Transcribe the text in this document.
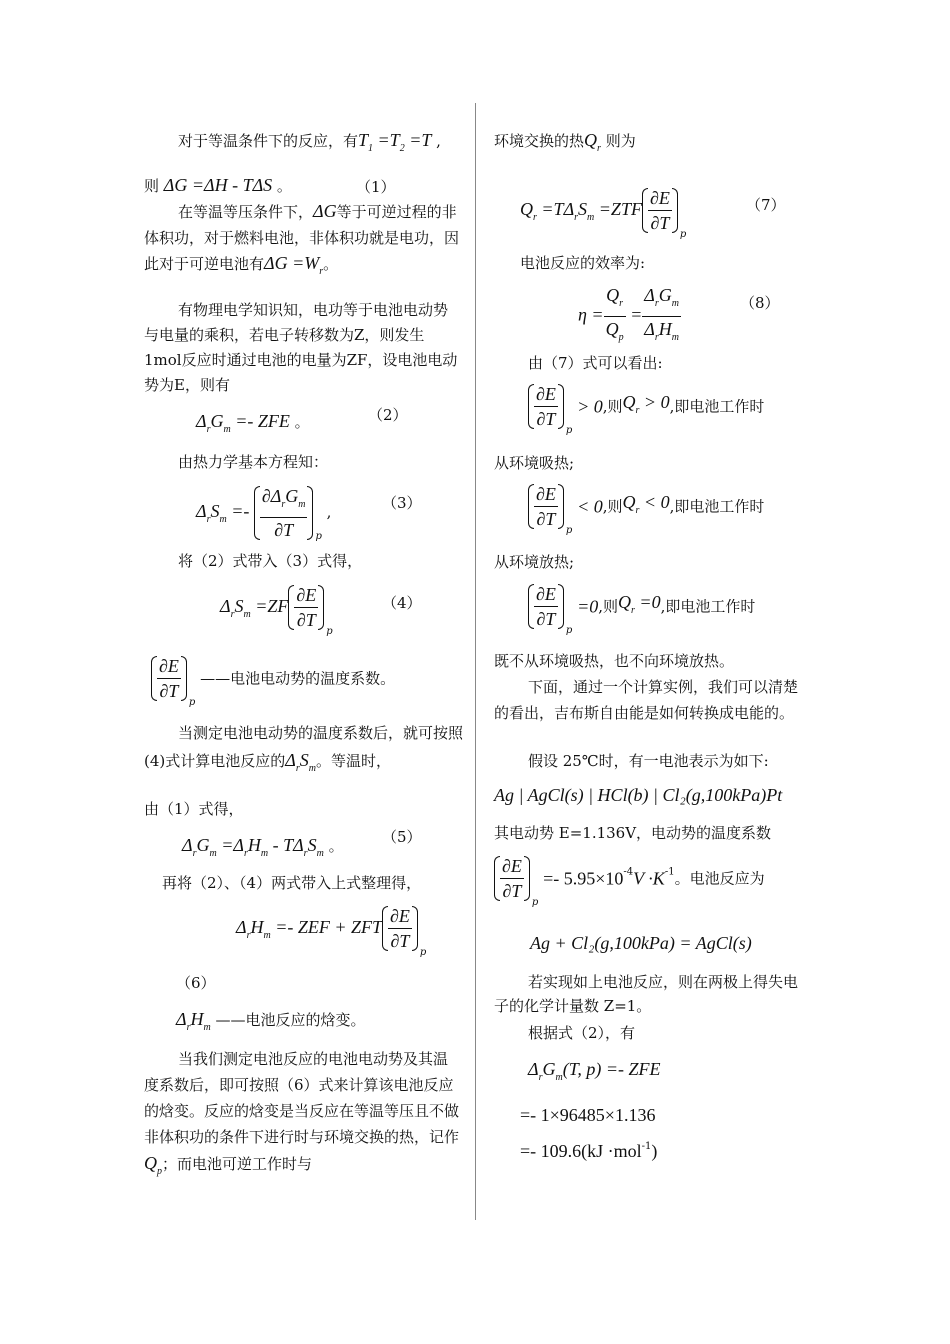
对于等温条件下的反应，有$T_1 =T_2 =T$ ,
则 ΔG =ΔH - TΔS 。	（1）
在等温等压条件下，ΔG等于可逆过程的非体积功，对于燃料电池，非体积功就是电功，因此对于可逆电池有$\Delta G =W_r$。
有物理电学知识知，电功等于电池电动势与电量的乘积，若电子转移数为Z，则发生1mol反应时通过电池的电量为ZF，设电池电动势为E，则有
$\Delta_rG_m$ =- ZFE 。	（2）
由热力学基本方程知：
$\Delta_rS_m =- \frac{\partial\Delta_rG_m}{\partial T} _p$ ,	（3）
将（2）式带入（3）式得，
$\Delta_rS_m =ZF \frac{\partial E}{\partial T} _p$
（4）
$\frac{\partial E}{\partial T} _p$ ——电池电动势的温度系数。
当测定电池电动势的温度系数后，就可按照(4)式计算电池反应的$\Delta_rS_m$。等温时，
由（1）式得，
$\Delta_rG_m =\Delta_rH_m - T\Delta_rS_m$ 。	（5）
再将（2）、（4）两式带入上式整理得，
$\Delta_rH_m$ =- ZEF + ZFT $\frac{\partial E}{\partial T} _p$
（6）
$\Delta_rH_m$ ——电池反应的焓变。
当我们测定电池反应的电池电动势及其温度系数后，即可按照（6）式来计算该电池反应的焓变。反应的焓变是当反应在等温等压且不做非体积功的条件下进行时与环境交换的热，记作$Q_p$；而电池可逆工作时与
环境交换的热$Q_r$ 则为
$Q_r =T\Delta_rS_m =ZTF \frac{\partial E}{\partial T} _p$
（7）
电池反应的效率为:
$\eta = \frac{Q_r}{Q_p} = \frac{\Delta_rG_m}{\Delta_rH_m}$	（8）
由（7）式可以看出:
$\frac{\partial E}{\partial T} _p > 0$,则$Q_r > 0$,即电池工作时
从环境吸热;
$\frac{\partial E}{\partial T} _p < 0$,则$Q_r < 0$,即电池工作时
从环境放热;
$\frac{\partial E}{\partial T} _p =0$,则$Q_r =0$,即电池工作时
既不从环境吸热，也不向环境放热。
下面，通过一个计算实例，我们可以清楚的看出，吉布斯自由能是如何转换成电能的。
假设 25℃时，有一电池表示为如下:
Ag | AgCl(s) | HCl(b) | Cl₂(g,100kPa)Pt
其电动势 E=1.136V，电动势的温度系数
$\frac{\partial E}{\partial T} _p =- 5.95\times 10^{-4}V \cdot K^{-1}$。电池反应为
Ag + Cl₂(g,100kPa) = AgCl(s)
若实现如上电池反应，则在两极上得失电子的化学计量数 Z=1。
根据式（2），有
$\Delta_rG_m(T$, p) =- ZFE
=- 1×96485×1.136
=- 109.6(kJ ·mol$^{-1}$)
